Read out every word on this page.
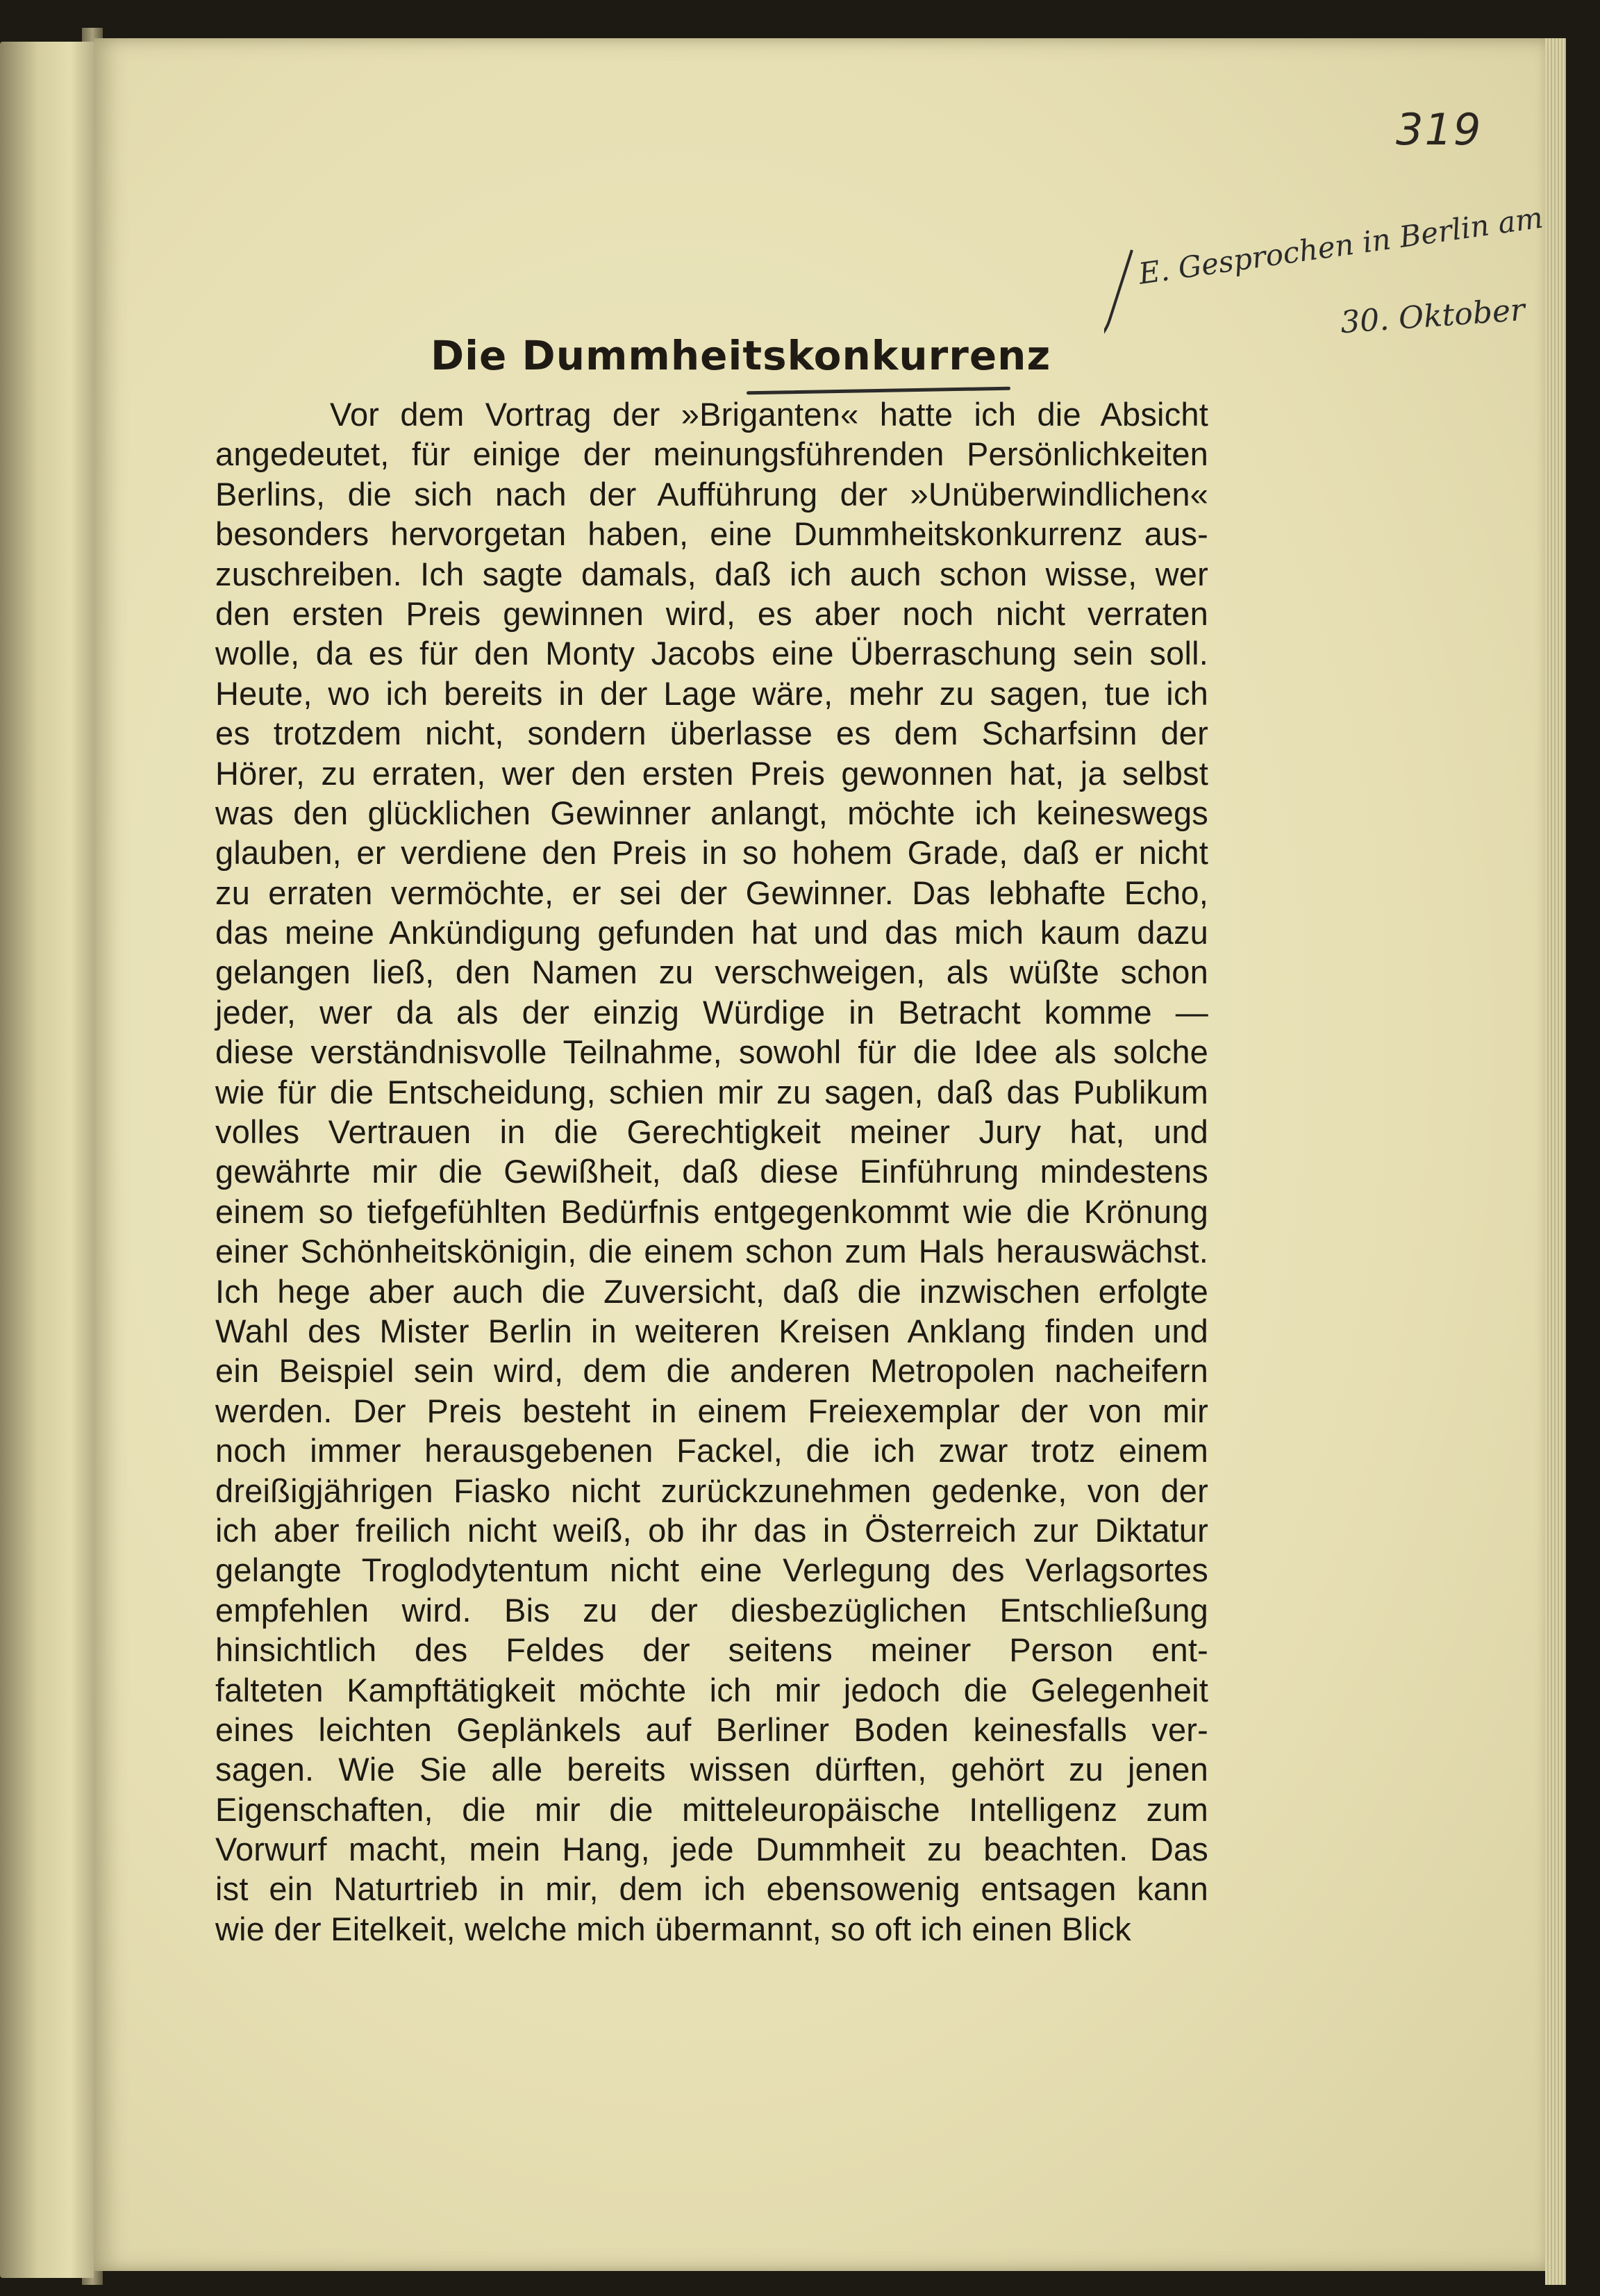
319
E. Gesprochen in Berlin am
30. Oktober
Die Dummheitskonkurrenz
Vor dem Vortrag der »Briganten« hatte ich die Absicht
angedeutet, für einige der meinungsführenden Persönlichkeiten
Berlins, die sich nach der Aufführung der »Unüberwindlichen«
besonders hervorgetan haben, eine Dummheitskonkurrenz aus-
zuschreiben. Ich sagte damals, daß ich auch schon wisse, wer
den ersten Preis gewinnen wird, es aber noch nicht verraten
wolle, da es für den Monty Jacobs eine Überraschung sein soll.
Heute, wo ich bereits in der Lage wäre, mehr zu sagen, tue ich
es trotzdem nicht, sondern überlasse es dem Scharfsinn der
Hörer, zu erraten, wer den ersten Preis gewonnen hat, ja selbst
was den glücklichen Gewinner anlangt, möchte ich keineswegs
glauben, er verdiene den Preis in so hohem Grade, daß er nicht
zu erraten vermöchte, er sei der Gewinner. Das lebhafte Echo,
das meine Ankündigung gefunden hat und das mich kaum dazu
gelangen ließ, den Namen zu verschweigen, als wüßte schon
jeder, wer da als der einzig Würdige in Betracht komme —
diese verständnisvolle Teilnahme, sowohl für die Idee als solche
wie für die Entscheidung, schien mir zu sagen, daß das Publikum
volles Vertrauen in die Gerechtigkeit meiner Jury hat, und
gewährte mir die Gewißheit, daß diese Einführung mindestens
einem so tiefgefühlten Bedürfnis entgegenkommt wie die Krönung
einer Schönheitskönigin, die einem schon zum Hals herauswächst.
Ich hege aber auch die Zuversicht, daß die inzwischen erfolgte
Wahl des Mister Berlin in weiteren Kreisen Anklang finden und
ein Beispiel sein wird, dem die anderen Metropolen nacheifern
werden. Der Preis besteht in einem Freiexemplar der von mir
noch immer herausgebenen Fackel, die ich zwar trotz einem
dreißigjährigen Fiasko nicht zurückzunehmen gedenke, von der
ich aber freilich nicht weiß, ob ihr das in Österreich zur Diktatur
gelangte Troglodytentum nicht eine Verlegung des Verlagsortes
empfehlen wird. Bis zu der diesbezüglichen Entschließung
hinsichtlich des Feldes der seitens meiner Person ent-
falteten Kampftätigkeit möchte ich mir jedoch die Gelegenheit
eines leichten Geplänkels auf Berliner Boden keinesfalls ver-
sagen. Wie Sie alle bereits wissen dürften, gehört zu jenen
Eigenschaften, die mir die mitteleuropäische Intelligenz zum
Vorwurf macht, mein Hang, jede Dummheit zu beachten. Das
ist ein Naturtrieb in mir, dem ich ebensowenig entsagen kann
wie der Eitelkeit, welche mich übermannt, so oft ich einen Blick
